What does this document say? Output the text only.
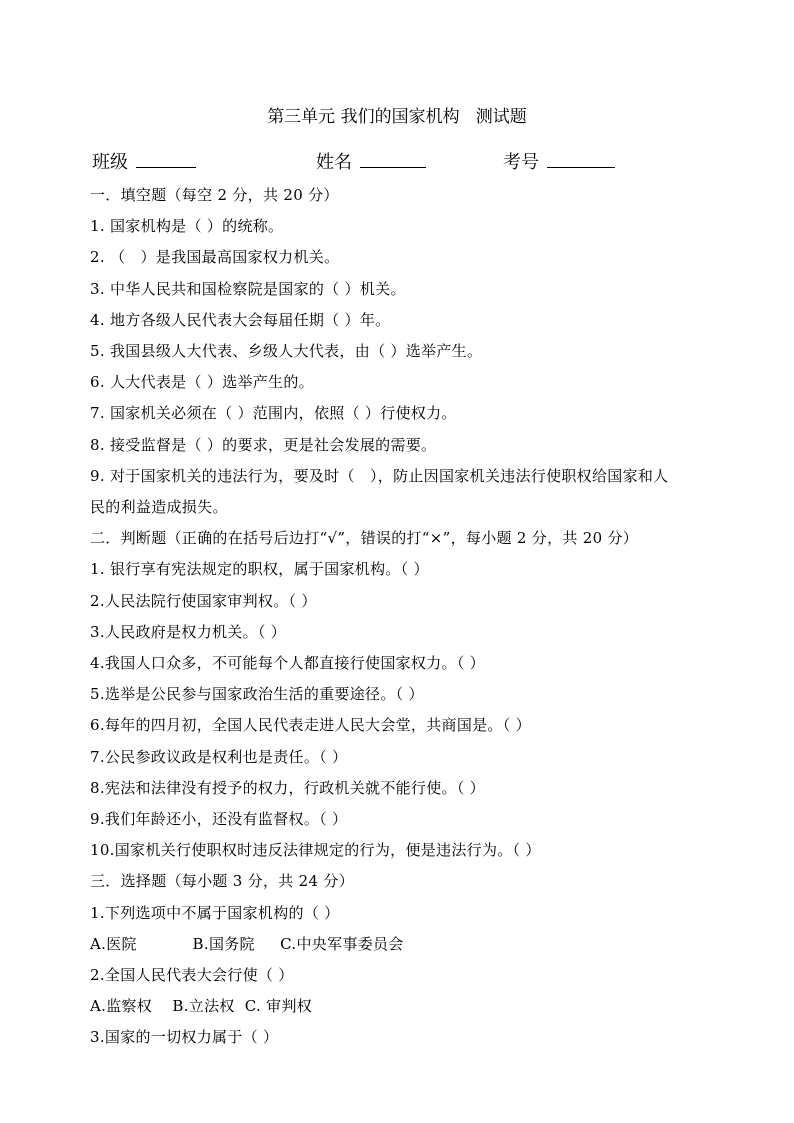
第三单元 我们的国家机构   测试题
班级	姓名	考号
一．填空题（每空 2 分，共 20 分）
1. 国家机构是（ ）的统称。
2. （   ）是我国最高国家权力机关。
3. 中华人民共和国检察院是国家的（ ）机关。
4. 地方各级人民代表大会每届任期（ ）年。
5. 我国县级人大代表、乡级人大代表，由（ ）选举产生。
6. 人大代表是（ ）选举产生的。
7. 国家机关必须在（ ）范围内，依照（ ）行使权力。
8. 接受监督是（ ）的要求，更是社会发展的需要。
9. 对于国家机关的违法行为，要及时（   ），防止因国家机关违法行使职权给国家和人
民的利益造成损失。
二．判断题（正确的在括号后边打“√”，错误的打“×”，每小题 2 分，共 20 分）
1. 银行享有宪法规定的职权，属于国家机构。（ ）
2.人民法院行使国家审判权。（ ）
3.人民政府是权力机关。（ ）
4.我国人口众多，不可能每个人都直接行使国家权力。（ ）
5.选举是公民参与国家政治生活的重要途径。（ ）
6.每年的四月初，全国人民代表走进人民大会堂，共商国是。（ ）
7.公民参政议政是权利也是责任。（ ）
8.宪法和法律没有授予的权力，行政机关就不能行使。（ ）
9.我们年龄还小，还没有监督权。（ ）
10.国家机关行使职权时违反法律规定的行为，便是违法行为。（ ）
三．选择题（每小题 3 分，共 24 分）
1.下列选项中不属于国家机构的（ ）
A.医院           B.国务院     C.中央军事委员会
2.全国人民代表大会行使（ ）
A.监察权    B.立法权  C. 审判权
3.国家的一切权力属于（ ）
